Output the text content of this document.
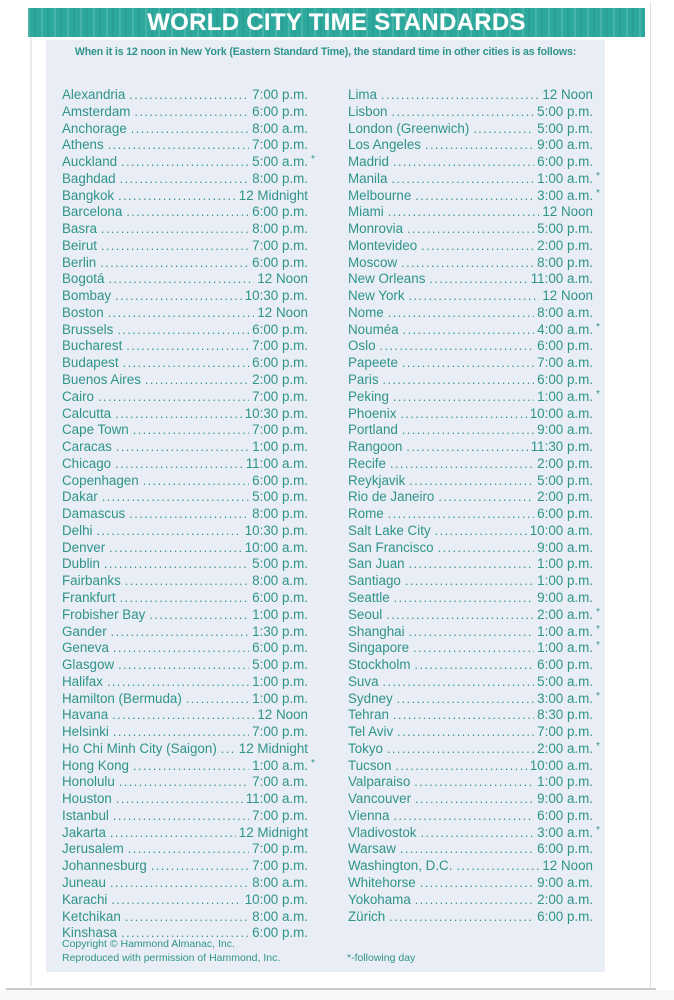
WORLD CITY TIME STANDARDS
When it is 12 noon in New York (Eastern Standard Time), the standard time in other cities is as follows:
Alexandria .....	7:00 p.m.
Amsterdam .....	6:00 p.m.
Anchorage .....	8:00 a.m.
Athens .....	7:00 p.m.
Auckland .....	5:00 a.m. *
Baghdad .....	8:00 p.m.
Bangkok .....	12 Midnight
Barcelona .....	6:00 p.m.
Basra .....	8:00 p.m.
Beirut .....	7:00 p.m.
Berlin .....	6:00 p.m.
Bogotá .....	12 Noon
Bombay .....	10:30 p.m.
Boston .....	12 Noon
Brussels .....	6:00 p.m.
Bucharest .....	7:00 p.m.
Budapest .....	6:00 p.m.
Buenos Aires .....	2:00 p.m.
Cairo .....	7:00 p.m.
Calcutta .....	10:30 p.m.
Cape Town .....	7:00 p.m.
Caracas .....	1:00 p.m.
Chicago .....	11:00 a.m.
Copenhagen .....	6:00 p.m.
Dakar .....	5:00 p.m.
Damascus .....	8:00 p.m.
Delhi .....	10:30 p.m.
Denver .....	10:00 a.m.
Dublin .....	5:00 p.m.
Fairbanks .....	8:00 a.m.
Frankfurt .....	6:00 p.m.
Frobisher Bay .....	1:00 p.m.
Gander .....	1:30 p.m.
Geneva .....	6:00 p.m.
Glasgow .....	5:00 p.m.
Halifax .....	1:00 p.m.
Hamilton (Bermuda) .....	1:00 p.m.
Havana .....	12 Noon
Helsinki .....	7:00 p.m.
Ho Chi Minh City (Saigon) ..... 12 Midnight
Hong Kong .....	1:00 a.m. *
Honolulu .....	7:00 a.m.
Houston .....	11:00 a.m.
Istanbul .....	7:00 p.m.
Jakarta .....	12 Midnight
Jerusalem .....	7:00 p.m.
Johannesburg .....	7:00 p.m.
Juneau .....	8:00 a.m.
Karachi .....	10:00 p.m.
Ketchikan .....	8:00 a.m.
Kinshasa .....	6:00 p.m.
Lima .....	12 Noon
Lisbon .....	5:00 p.m.
London (Greenwich) .....	5:00 p.m.
Los Angeles .....	9:00 a.m.
Madrid .....	6:00 p.m.
Manila .....	1:00 a.m. *
Melbourne .....	3:00 a.m. *
Miami .....	12 Noon
Monrovia .....	5:00 p.m.
Montevideo .....	2:00 p.m.
Moscow .....	8:00 p.m.
New Orleans .....	11:00 a.m.
New York .....	12 Noon
Nome .....	8:00 a.m.
Nouméa .....	4:00 a.m. *
Oslo .....	6:00 p.m.
Papeete .....	7:00 a.m.
Paris .....	6:00 p.m.
Peking .....	1:00 a.m. *
Phoenix .....	10:00 a.m.
Portland .....	9:00 a.m.
Rangoon .....	11:30 p.m.
Recife .....	2:00 p.m.
Reykjavik .....	5:00 p.m.
Rio de Janeiro .....	2:00 p.m.
Rome .....	6:00 p.m.
Salt Lake City .....	10:00 a.m.
San Francisco .....	9:00 a.m.
San Juan .....	1:00 p.m.
Santiago .....	1:00 p.m.
Seattle .....	9:00 a.m.
Seoul .....	2:00 a.m. *
Shanghai .....	1:00 a.m. *
Singapore .....	1:00 a.m. *
Stockholm .....	6:00 p.m.
Suva .....	5:00 a.m.
Sydney .....	3:00 a.m. *
Tehran .....	8:30 p.m.
Tel Aviv .....	7:00 p.m.
Tokyo .....	2:00 a.m. *
Tucson .....	10:00 a.m.
Valparaiso .....	1:00 p.m.
Vancouver .....	9:00 a.m.
Vienna .....	6:00 p.m.
Vladivostok .....	3:00 a.m. *
Warsaw .....	6:00 p.m.
Washington, D.C. .....	12 Noon
Whitehorse .....	9:00 a.m.
Yokohama .....	2:00 a.m.
Zürich .....	6:00 p.m.
Copyright © Hammond Almanac, Inc.
Reproduced with permission of Hammond, Inc.	*-following day
